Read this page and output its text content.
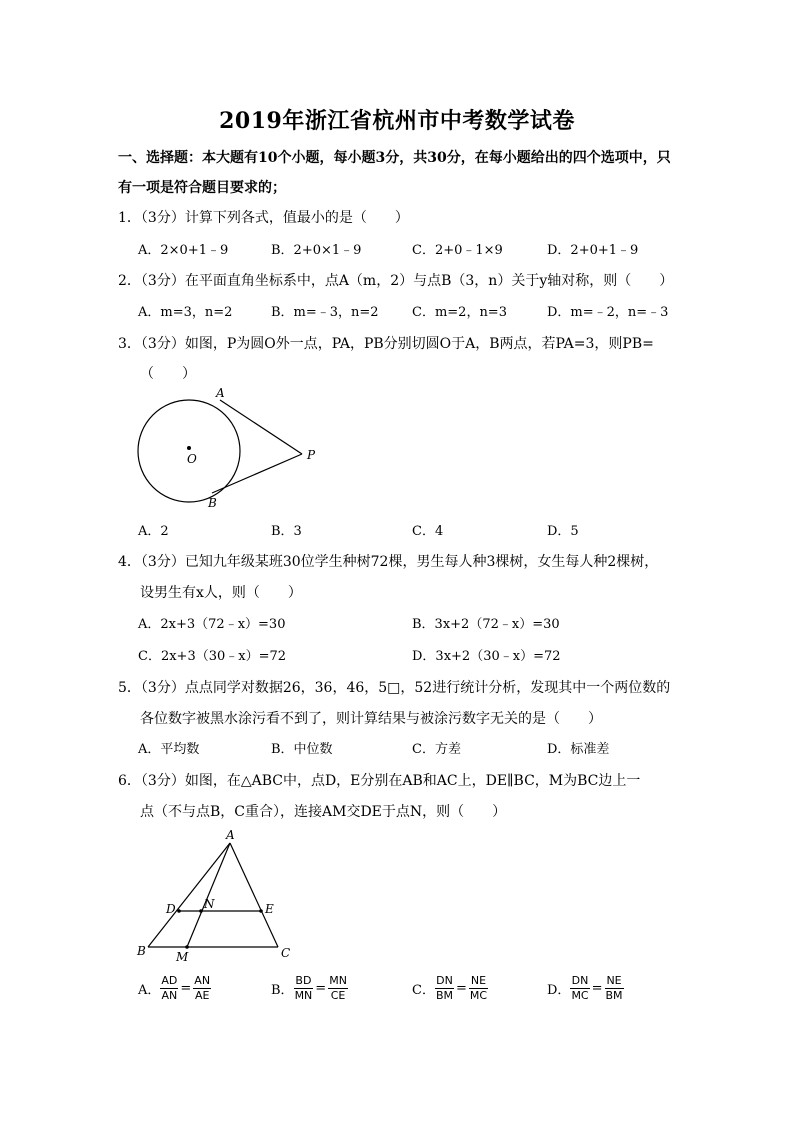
2019年浙江省杭州市中考数学试卷
一、选择题：本大题有10个小题，每小题3分，共30分，在每小题给出的四个选项中，只有一项是符合题目要求的；
1．（3分）计算下列各式，值最小的是（　　）
A．2×0+1﹣9	B．2+0×1﹣9	C．2+0﹣1×9	D．2+0+1﹣9
2．（3分）在平面直角坐标系中，点A（m，2）与点B（3，n）关于y轴对称，则（　　）
A．m=3，n=2	B．m=﹣3，n=2	C．m=2，n=3	D．m=﹣2，n=﹣3
3．（3分）如图，P为圆O外一点，PA，PB分别切圆O于A，B两点，若PA=3，则PB=
（　　）
A
B
O	P
A．2	B．3	C．4	D．5
4．（3分）已知九年级某班30位学生种树72棵，男生每人种3棵树，女生每人种2棵树，
设男生有x人，则（　　）
A．2x+3（72﹣x）=30	B．3x+2（72﹣x）=30
C．2x+3（30﹣x）=72	D．3x+2（30﹣x）=72
5．（3分）点点同学对数据26，36，46，5□，52进行统计分析，发现其中一个两位数的
各位数字被黑水涂污看不到了，则计算结果与被涂污数字无关的是（　　）
A．平均数	B．中位数	C．方差	D．标准差
6．（3分）如图，在△ABC中，点D，E分别在AB和AC上，DE∥BC，M为BC边上一
点（不与点B，C重合），连接AM交DE于点N，则（　　）
A
B	C
D	E
N
M
A． $\frac{AD}{AN} = \frac{AN}{AE}$	B． $\frac{BD}{MN} = \frac{MN}{CE}$	C． $\frac{DN}{BM} = \frac{NE}{MC}$	D． $\frac{DN}{MC} = \frac{NE}{BM}$
